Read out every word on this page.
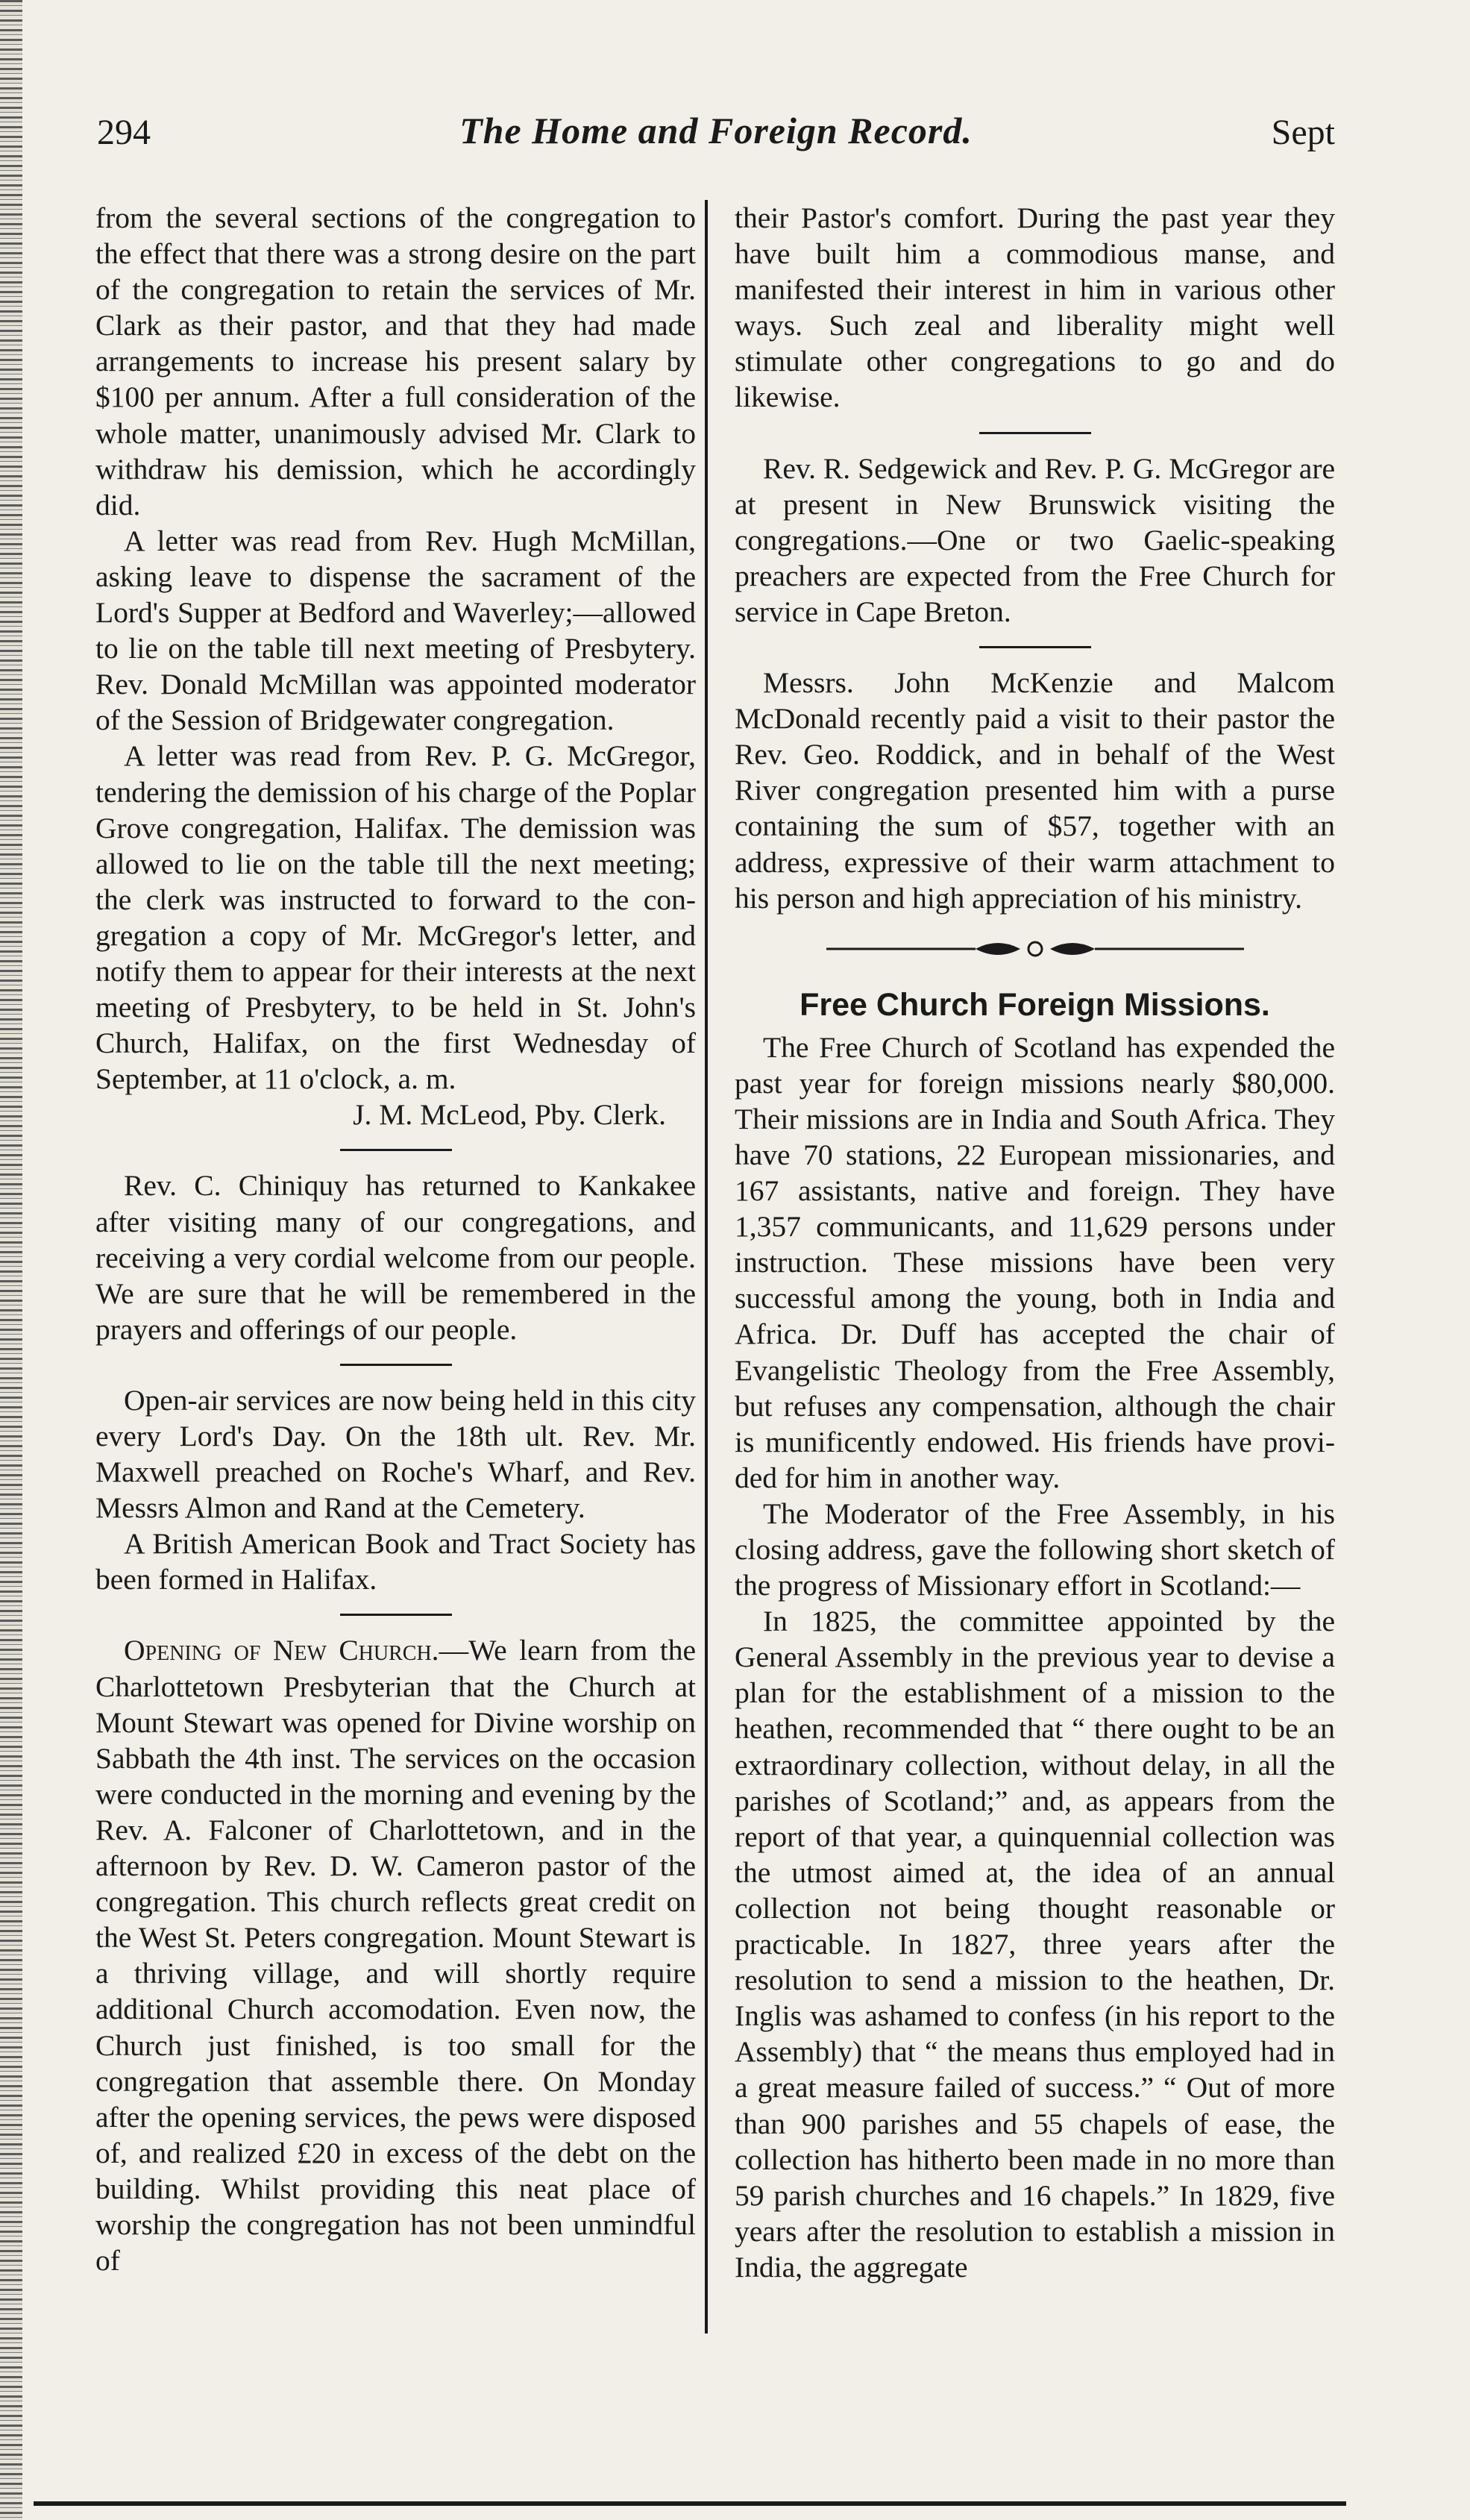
294	The Home and Foreign Record.	Sept

from the several sections of the congregation to the effect that there was a strong desire on the part of the congregation to retain the services of Mr. Clark as their pastor, and that they had made arrangements to increase his present salary by $100 per annum. After a full consideration of the whole matter, unanimously advised Mr. Clark to withdraw his demission, which he accordingly did.

A letter was read from Rev. Hugh McMillan, asking leave to dispense the sacrament of the Lord's Supper at Bedford and Waverley;—allowed to lie on the table till next meeting of Presbytery. Rev. Donald McMillan was appointed moderator of the Session of Bridgewater congregation.

A letter was read from Rev. P. G. McGregor, tendering the demission of his charge of the Poplar Grove congregation, Halifax. The demission was allowed to lie on the table till the next meeting; the clerk was instructed to forward to the congregation a copy of Mr. McGregor's letter, and notify them to appear for their interests at the next meeting of Presbytery, to be held in St. John's Church, Halifax, on the first Wednesday of September, at 11 o'clock, a. m.

J. M. McLeod, Pby. Clerk.

Rev. C. Chiniquy has returned to Kankakee after visiting many of our congregations, and receiving a very cordial welcome from our people. We are sure that he will be remembered in the prayers and offerings of our people.

Open-air services are now being held in this city every Lord's Day. On the 18th ult. Rev. Mr. Maxwell preached on Roche's Wharf, and Rev. Messrs Almon and Rand at the Cemetery.

A British American Book and Tract Society has been formed in Halifax.

Opening of New Church.—We learn from the Charlottetown Presbyterian that the Church at Mount Stewart was opened for Divine worship on Sabbath the 4th inst. The services on the occasion were conducted in the morning and evening by the Rev. A. Falconer of Charlottetown, and in the afternoon by Rev. D. W. Cameron pastor of the congregation. This church reflects great credit on the West St. Peters congregation. Mount Stewart is a thriving village, and will shortly require additional Church accomodation. Even now, the Church just finished, is too small for the congregation that assemble there. On Monday after the opening services, the pews were disposed of, and realized £20 in excess of the debt on the building. Whilst providing this neat place of worship the congregation has not been unmindful of

their Pastor's comfort. During the past year they have built him a commodious manse, and manifested their interest in him in various other ways. Such zeal and liberality might well stimulate other congregations to go and do likewise.

Rev. R. Sedgewick and Rev. P. G. McGregor are at present in New Brunswick visiting the congregations.—One or two Gaelic-speaking preachers are expected from the Free Church for service in Cape Breton.

Messrs. John McKenzie and Malcom McDonald recently paid a visit to their pastor the Rev. Geo. Roddick, and in behalf of the West River congregation presented him with a purse containing the sum of $57, together with an address, expressive of their warm attachment to his person and high appreciation of his ministry.

Free Church Foreign Missions.

The Free Church of Scotland has expended the past year for foreign missions nearly $80,000. Their missions are in India and South Africa. They have 70 stations, 22 European missionaries, and 167 assistants, native and foreign. They have 1,357 communicants, and 11,629 persons under instruction. These missions have been very successful among the young, both in India and Africa. Dr. Duff has accepted the chair of Evangelistic Theology from the Free Assembly, but refuses any compensation, although the chair is munificently endowed. His friends have provided for him in another way.

The Moderator of the Free Assembly, in his closing address, gave the following short sketch of the progress of Missionary effort in Scotland:—

In 1825, the committee appointed by the General Assembly in the previous year to devise a plan for the establishment of a mission to the heathen, recommended that “ there ought to be an extraordinary collection, without delay, in all the parishes of Scotland;” and, as appears from the report of that year, a quinquennial collection was the utmost aimed at, the idea of an annual collection not being thought reasonable or practicable. In 1827, three years after the resolution to send a mission to the heathen, Dr. Inglis was ashamed to confess (in his report to the Assembly) that “ the means thus employed had in a great measure failed of success.” “ Out of more than 900 parishes and 55 chapels of ease, the collection has hitherto been made in no more than 59 parish churches and 16 chapels.” In 1829, five years after the resolution to establish a mission in India, the aggregate
